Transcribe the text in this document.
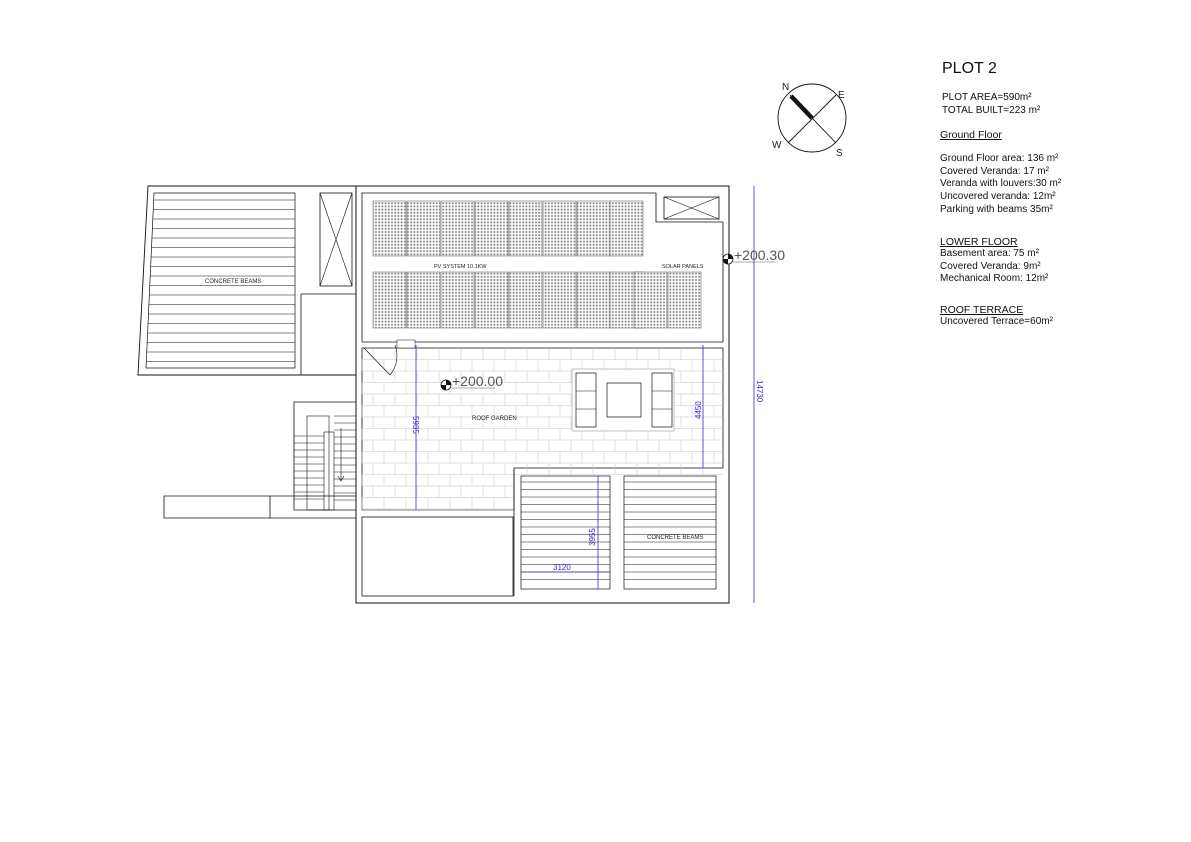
N
E
S
W
CONCRETE BEAMS
PV SYSTEM 10.1KW	SOLAR PANELS
ROOF GARDEN
CONCRETE BEAMS
+200.30
+200.00
5935
4450
14730
3955
3120
PLOT 2
PLOT AREA=590m²
TOTAL BUILT=223 m²
Ground Floor
Ground Floor area: 136 m²
Covered Veranda: 17 m²
Veranda with louvers:30 m²
Uncovered veranda: 12m²
Parking with beams 35m²
LOWER FLOOR
Basement area: 75 m²
Covered Veranda: 9m²
Mechanical Room: 12m²
ROOF TERRACE
Uncovered Terrace=60m²
